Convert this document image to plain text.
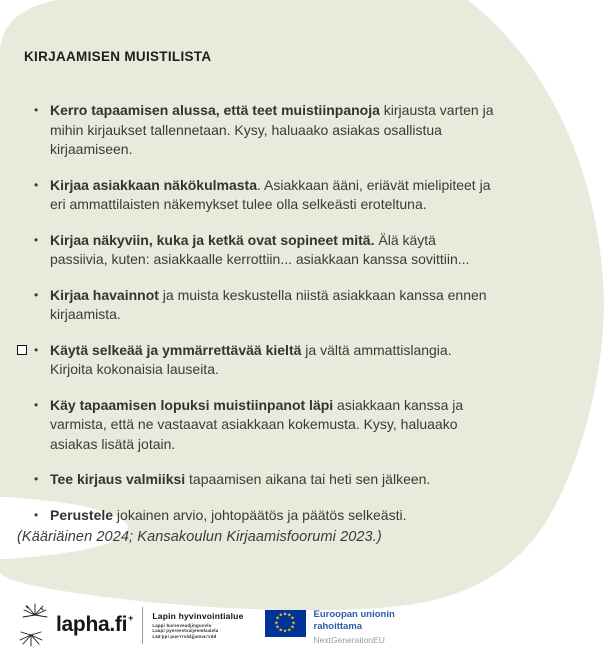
KIRJAAMISEN MUISTILISTA
• Kerro tapaamisen alussa, että teet muistiinpanoja kirjausta varten ja mihin kirjaukset tallennetaan. Kysy, haluaako asiakas osallistua kirjaamiseen.
• Kirjaa asiakkaan näkökulmasta. Asiakkaan ääni, eriävät mielipiteet ja eri ammattilaisten näkemykset tulee olla selkeästi eroteltuna.
• Kirjaa näkyviin, kuka ja ketkä ovat sopineet mitä. Älä käytä passiivia, kuten: asiakkaalle kerrottiin... asiakkaan kanssa sovittiin...
• Kirjaa havainnot ja muista keskustella niistä asiakkaan kanssa ennen kirjaamista.
• Käytä selkeää ja ymmärrettävää kieltä ja vältä ammattislangia. Kirjoita kokonaisia lauseita.
• Käy tapaamisen lopuksi muistiinpanot läpi asiakkaan kanssa ja varmista, että ne vastaavat asiakkaan kokemusta. Kysy, haluaako asiakas lisätä jotain.
• Tee kirjaus valmiiksi tapaamisen aikana tai heti sen jälkeen.
• Perustele jokainen arvio, johtopäätös ja päätös selkeästi.

(Kääriäinen 2024; Kansakoulun Kirjaamisfoorumi 2023.)

lapha.fi+ Lapin hyvinvointialue
Lappi buresveadjinguovlu
Laapi pyereestvaijeemkuávlu
Lää'ppi pue'rrvââjjamvu'vdd
★ ★
★
★
★
★
★
★
★
★
★
★	Euroopan unionin
rahoittama
NextGenerationEU
